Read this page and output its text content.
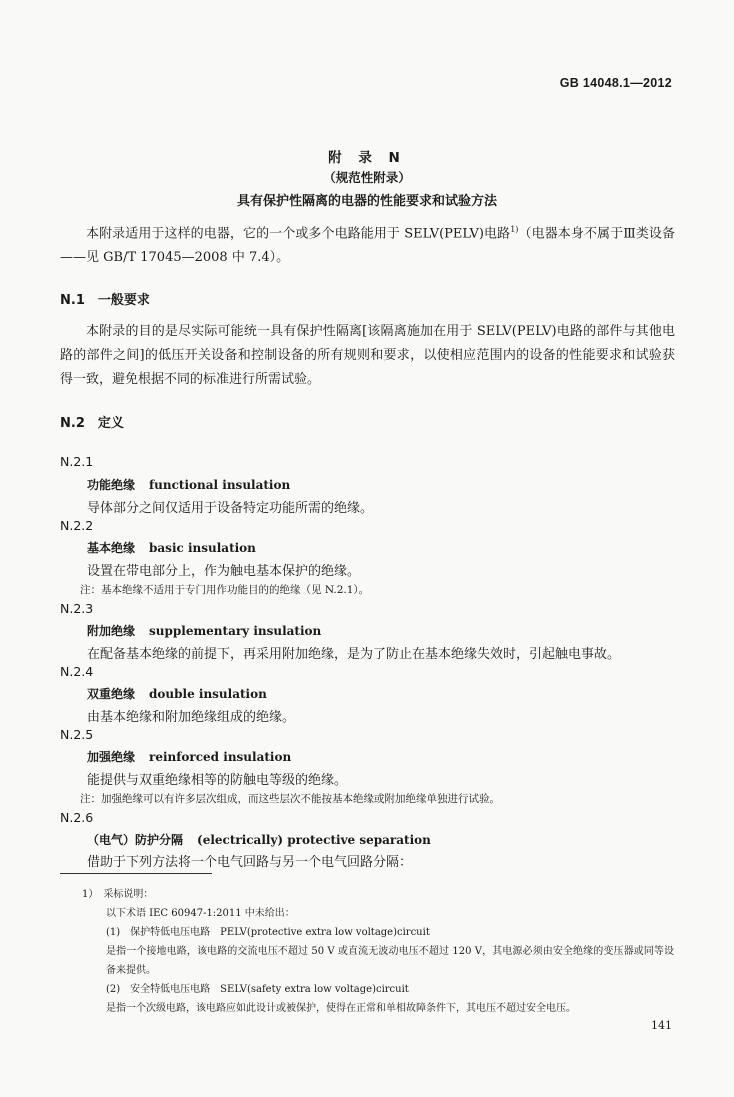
GB 14048.1—2012
附 录 N
（规范性附录）
具有保护性隔离的电器的性能要求和试验方法
本附录适用于这样的电器，它的一个或多个电路能用于 SELV(PELV)电路$^{1)}$（电器本身不属于Ⅲ类设备——见 GB/T 17045—2008 中 7.4）。
N.1　一般要求
本附录的目的是尽实际可能统一具有保护性隔离[该隔离施加在用于 SELV(PELV)电路的部件与其他电路的部件之间]的低压开关设备和控制设备的所有规则和要求，以使相应范围内的设备的性能要求和试验获得一致，避免根据不同的标准进行所需试验。
N.2　定义
N.2.1
功能绝缘 functional insulation
导体部分之间仅适用于设备特定功能所需的绝缘。
N.2.2
基本绝缘 basic insulation
设置在带电部分上，作为触电基本保护的绝缘。
注：基本绝缘不适用于专门用作功能目的的绝缘（见 N.2.1）。
N.2.3
附加绝缘 supplementary insulation
在配备基本绝缘的前提下，再采用附加绝缘，是为了防止在基本绝缘失效时，引起触电事故。
N.2.4
双重绝缘 double insulation
由基本绝缘和附加绝缘组成的绝缘。
N.2.5
加强绝缘 reinforced insulation
能提供与双重绝缘相等的防触电等级的绝缘。
注：加强绝缘可以有许多层次组成，而这些层次不能按基本绝缘或附加绝缘单独进行试验。
N.2.6
（电气）防护分隔 (electrically) protective separation
借助于下列方法将一个电气回路与另一个电气回路分隔：
1）　采标说明：
以下术语 IEC 60947-1:2011 中未给出：
(1)　保护特低电压电路　PELV(protective extra low voltage)circuit
是指一个接地电路，该电路的交流电压不超过 50 V 或直流无波动电压不超过 120 V，其电源必须由安全绝缘的变压器或同等设备来提供。
(2)　安全特低电压电路　SELV(safety extra low voltage)circuit
是指一个次级电路，该电路应如此设计或被保护，使得在正常和单相故障条件下，其电压不超过安全电压。
141
